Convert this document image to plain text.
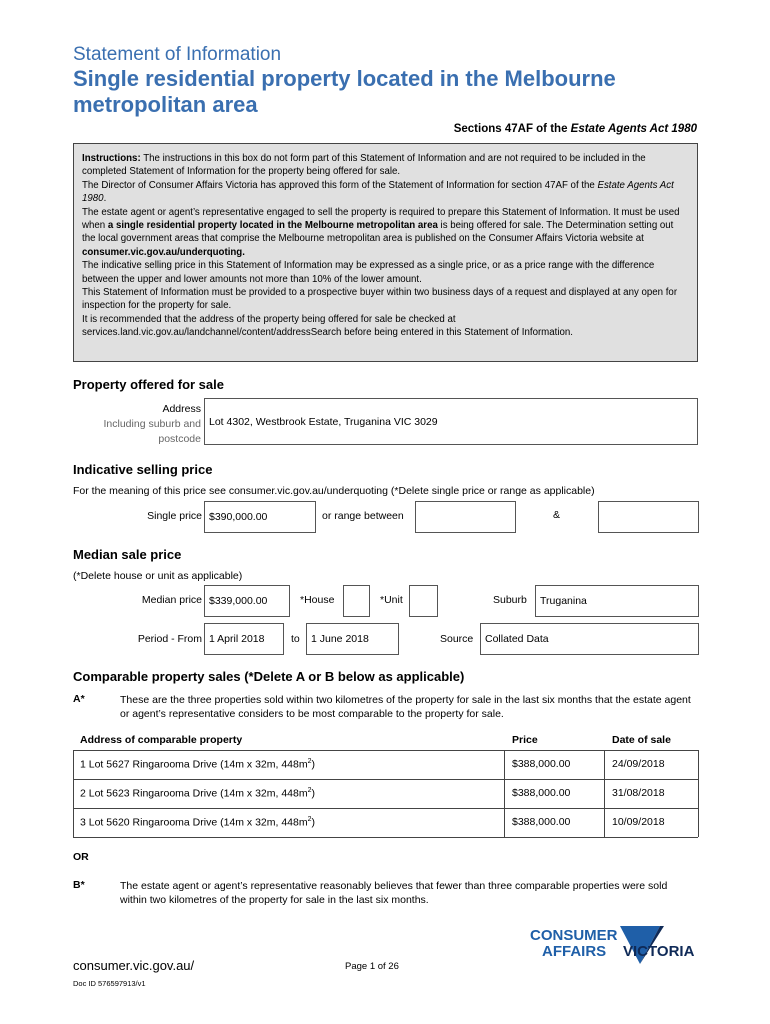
Statement of Information
Single residential property located in the Melbourne
metropolitan area
Sections 47AF of the Estate Agents Act 1980

Instructions: The instructions in this box do not form part of this Statement of Information and are not required to be included in the completed Statement of Information for the property being offered for sale.

The Director of Consumer Affairs Victoria has approved this form of the Statement of Information for section 47AF of the Estate Agents Act 1980.

The estate agent or agent’s representative engaged to sell the property is required to prepare this Statement of Information. It must be used when a single residential property located in the Melbourne metropolitan area is being offered for sale. The Determination setting out the local government areas that comprise the Melbourne metropolitan area is published on the Consumer Affairs Victoria website at consumer.vic.gov.au/underquoting.

The indicative selling price in this Statement of Information may be expressed as a single price, or as a price range with the difference between the upper and lower amounts not more than 10% of the lower amount.

This Statement of Information must be provided to a prospective buyer within two business days of a request and displayed at any open for inspection for the property for sale.

It is recommended that the address of the property being offered for sale be checked at services.land.vic.gov.au/landchannel/content/addressSearch before being entered in this Statement of Information.

Property offered for sale
Address
Including suburb and
postcode
Lot 4302, Westbrook Estate, Truganina VIC 3029
Indicative selling price
For the meaning of this price see consumer.vic.gov.au/underquoting (*Delete single price or range as applicable)
Single price $390,000.00	or range between	&
Median sale price
(*Delete house or unit as applicable)
Median price $339,000.00	*House	*Unit	Suburb	Truganina
Period - From 1 April 2018	to	1 June 2018	Source	Collated Data
Comparable property sales (*Delete A or B below as applicable)
A*	These are the three properties sold within two kilometres of the property for sale in the last six months that the estate agent or agent’s representative considers to be most comparable to the property for sale.
Address of comparable property	Price	Date of sale
1 Lot 5627 Ringarooma Drive (14m x 32m, $448m^2$)	$388,000.00	24/09/2018
2 Lot 5623 Ringarooma Drive (14m x 32m, $448m^2$)	$388,000.00	31/08/2018
3 Lot 5620 Ringarooma Drive (14m x 32m, $448m^2$)	$388,000.00	10/09/2018
OR
B*	The estate agent or agent’s representative reasonably believes that fewer than three comparable properties were sold within two kilometres of the property for sale in the last six months.
CONSUMER
AFFAIRS VICTORIA
consumer.vic.gov.au/
Doc ID 576597913/v1
Page 1 of 26
